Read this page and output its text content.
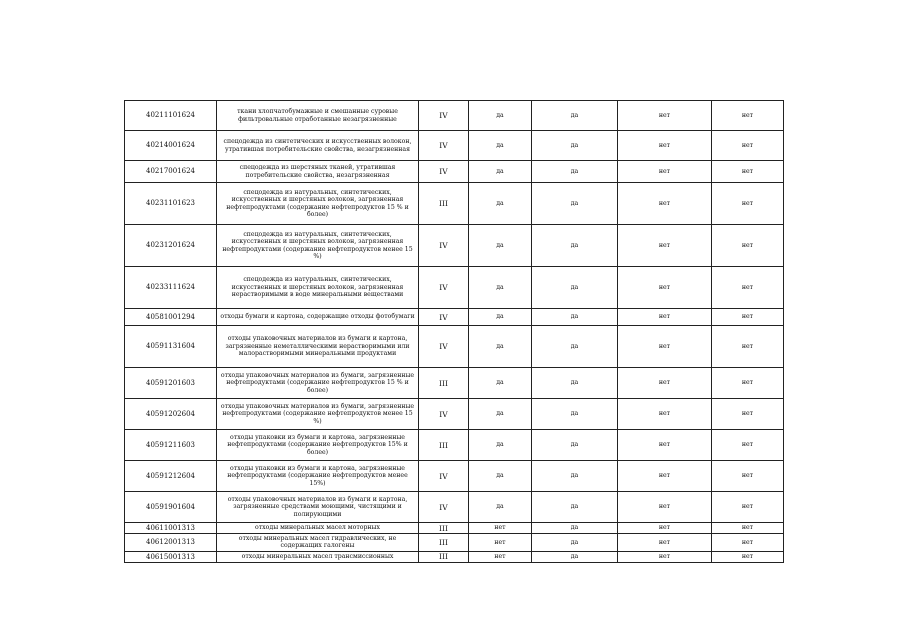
40211101624	ткани хлопчатобумажные и смешанные суровые фильтровальные отработанные незагрязненные	IV	да	да	нет	нет
40214001624	спецодежда из синтетических и искусственных волокон, утратившая потребительские свойства, незагрязненная	IV	да	да	нет	нет
40217001624	спецодежда из шерстяных тканей, утратившая потребительские свойства, незагрязненная	IV	да	да	нет	нет
40231101623	спецодежда из натуральных, синтетических, искусственных и шерстяных волокон, загрязненная нефтепродуктами (содержание нефтепродуктов 15 % и более)	III	да	да	нет	нет
40231201624	спецодежда из натуральных, синтетических, искусственных и шерстяных волокон, загрязненная нефтепродуктами (содержание нефтепродуктов менее 15 %)	IV	да	да	нет	нет
40233111624	спецодежда из натуральных, синтетических, искусственных и шерстяных волокон, загрязненная нерастворимыми в воде минеральными веществами	IV	да	да	нет	нет
40581001294	отходы бумаги и картона, содержащие отходы фотобумаги	IV	да	да	нет	нет
40591131604	отходы упаковочных материалов из бумаги и картона, загрязненные неметаллическими нерастворимыми или малорастворимыми минеральными продуктами	IV	да	да	нет	нет
40591201603	отходы упаковочных материалов из бумаги, загрязненные нефтепродуктами (содержание нефтепродуктов 15 % и более)	III	да	да	нет	нет
40591202604	отходы упаковочных материалов из бумаги, загрязненные нефтепродуктами (содержание нефтепродуктов менее 15 %)	IV	да	да	нет	нет
40591211603	отходы упаковки из бумаги и картона, загрязненные нефтепродуктами (содержание нефтепродуктов 15% и более)	III	да	да	нет	нет
40591212604	отходы упаковки из бумаги и картона, загрязненные нефтепродуктами (содержание нефтепродуктов менее 15%)	IV	да	да	нет	нет
40591901604	отходы упаковочных материалов из бумаги и картона, загрязненные средствами моющими, чистящими и полирующими	IV	да	да	нет	нет
40611001313	отходы минеральных масел моторных	III	нет	да	нет	нет
40612001313	отходы минеральных масел гидравлических, не содержащих галогены	III	нет	да	нет	нет
40615001313	отходы минеральных масел трансмиссионных	III	нет	да	нет	нет
